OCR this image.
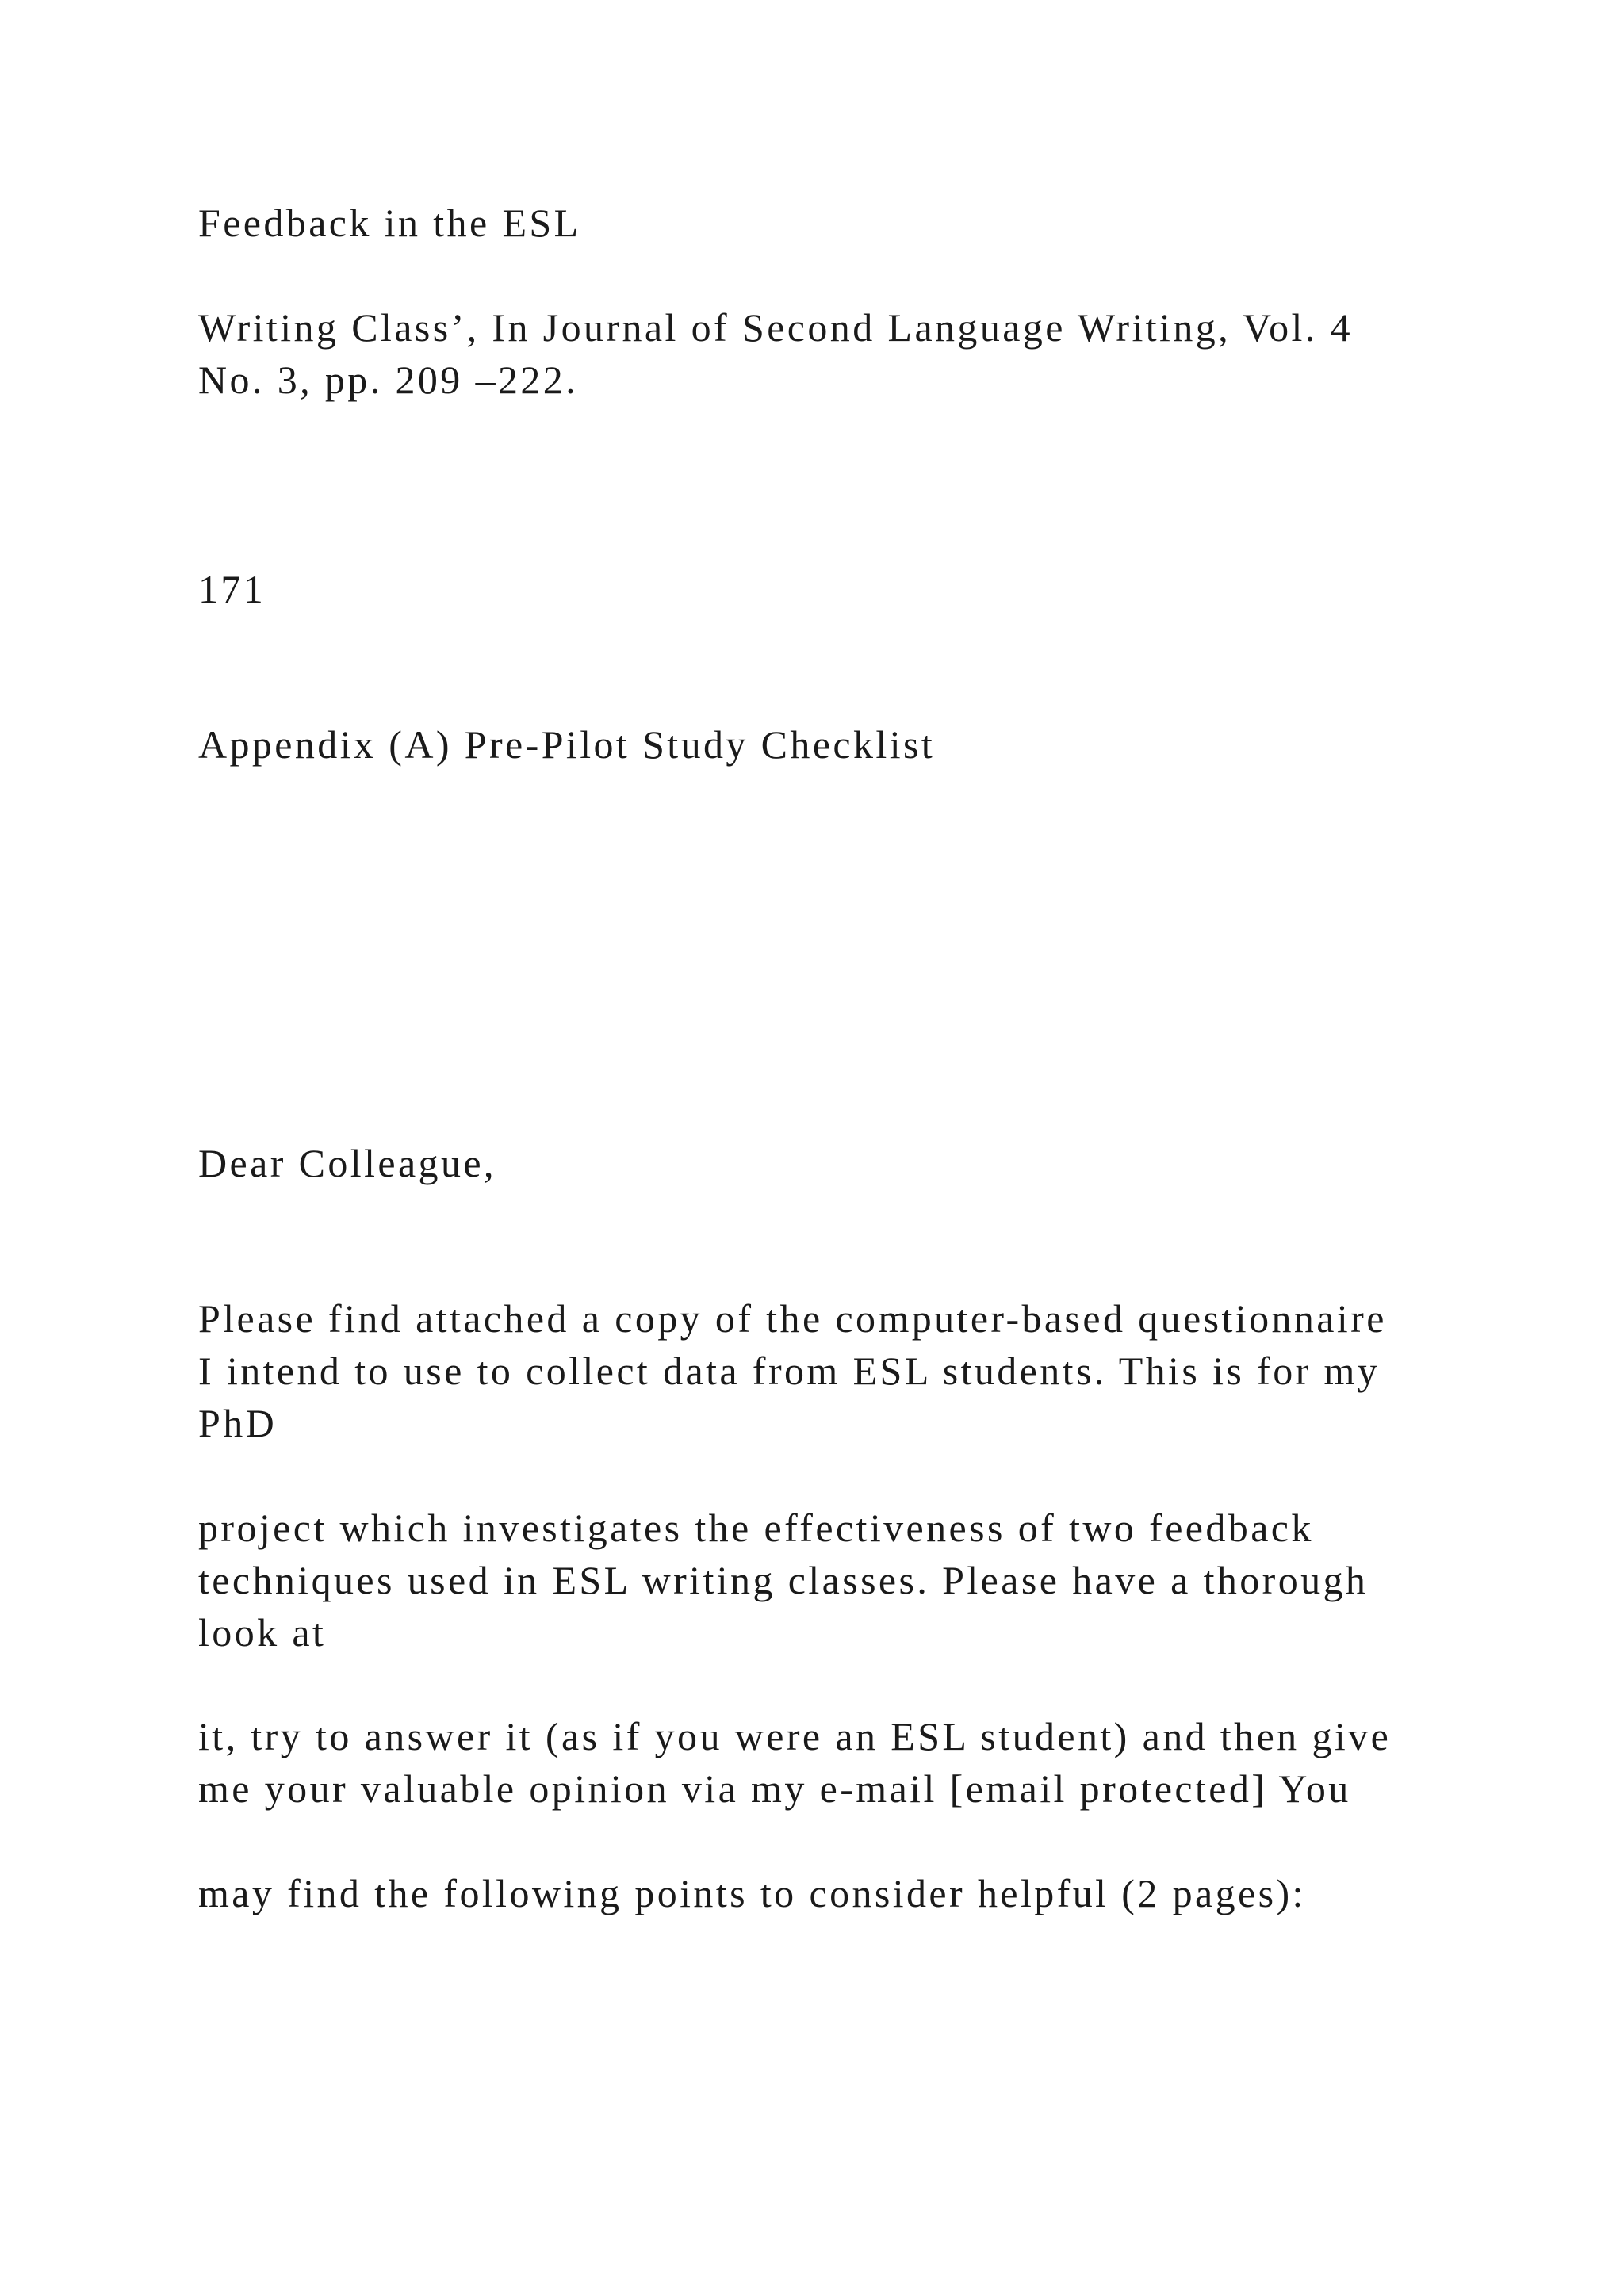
Feedback in the ESL

Writing Class’, In Journal of Second Language Writing, Vol. 4

No. 3, pp. 209 –222.

171

Appendix (A) Pre-Pilot Study Checklist

Dear Colleague,

Please find attached a copy of the computer-based questionnaire

I intend to use to collect data from ESL students. This is for my

PhD

project which investigates the effectiveness of two feedback

techniques used in ESL writing classes. Please have a thorough

look at

it, try to answer it (as if you were an ESL student) and then give

me your valuable opinion via my e-mail [email protected] You

may find the following points to consider helpful (2 pages):
